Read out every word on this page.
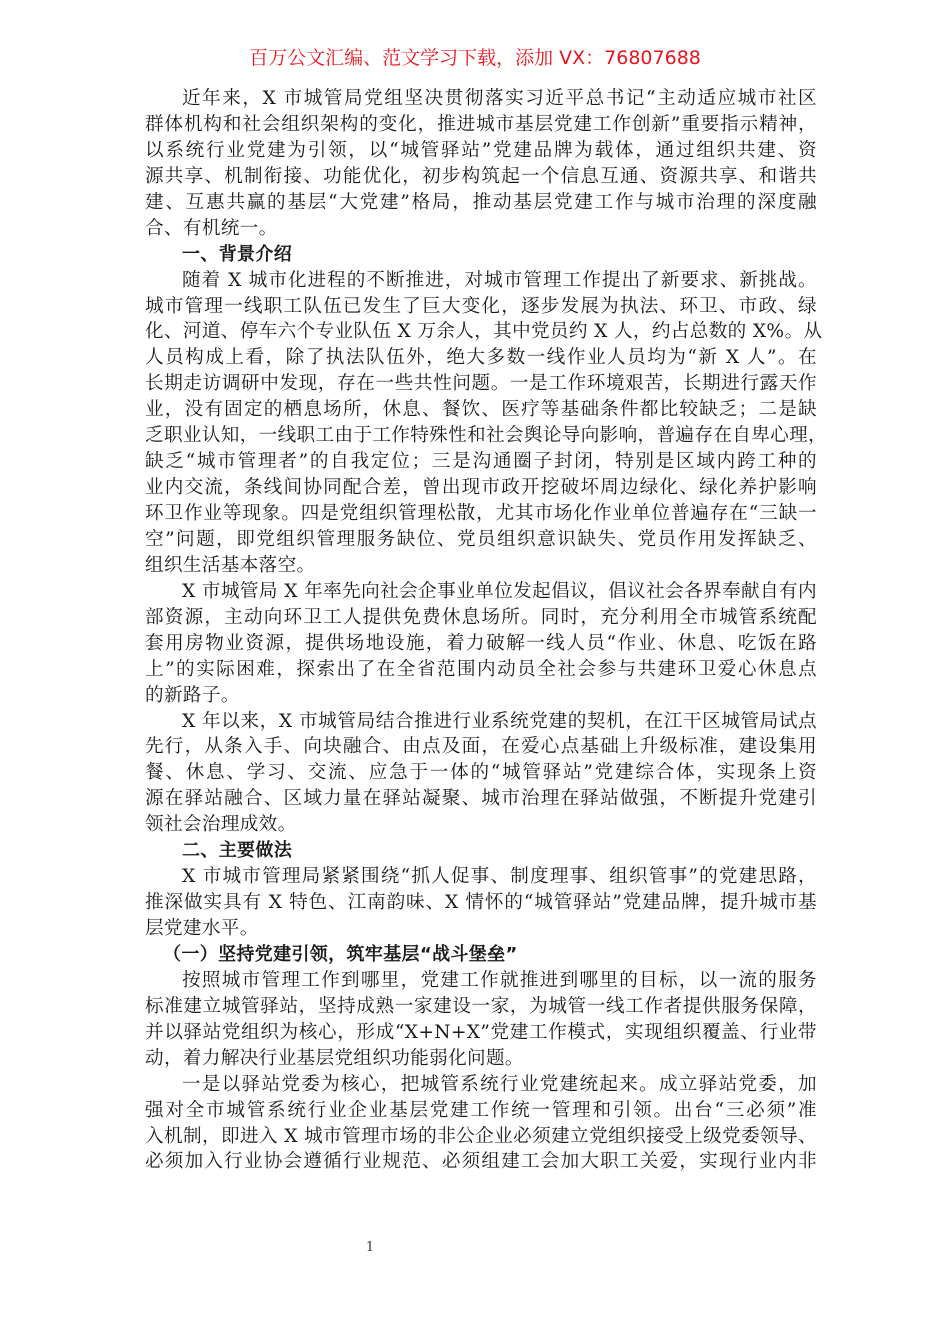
百万公文汇编、范文学习下载，添加 VX：76807688
近年来，X 市城管局党组坚决贯彻落实习近平总书记“主动适应城市社区
群体机构和社会组织架构的变化，推进城市基层党建工作创新”重要指示精神，
以系统行业党建为引领，以“城管驿站”党建品牌为载体，通过组织共建、资
源共享、机制衔接、功能优化，初步构筑起一个信息互通、资源共享、和谐共
建、互惠共赢的基层“大党建”格局，推动基层党建工作与城市治理的深度融
合、有机统一。
一、背景介绍
随着 X 城市化进程的不断推进，对城市管理工作提出了新要求、新挑战。
城市管理一线职工队伍已发生了巨大变化，逐步发展为执法、环卫、市政、绿
化、河道、停车六个专业队伍 X 万余人，其中党员约 X 人，约占总数的 X%。从
人员构成上看，除了执法队伍外，绝大多数一线作业人员均为“新 X 人”。在
长期走访调研中发现，存在一些共性问题。一是工作环境艰苦，长期进行露天作
业，没有固定的栖息场所，休息、餐饮、医疗等基础条件都比较缺乏；二是缺
乏职业认知，一线职工由于工作特殊性和社会舆论导向影响，普遍存在自卑心理，
缺乏“城市管理者”的自我定位；三是沟通圈子封闭，特别是区域内跨工种的
业内交流，条线间协同配合差，曾出现市政开挖破坏周边绿化、绿化养护影响
环卫作业等现象。四是党组织管理松散，尤其市场化作业单位普遍存在“三缺一
空”问题，即党组织管理服务缺位、党员组织意识缺失、党员作用发挥缺乏、
组织生活基本落空。
X 市城管局 X 年率先向社会企事业单位发起倡议，倡议社会各界奉献自有内
部资源，主动向环卫工人提供免费休息场所。同时，充分利用全市城管系统配
套用房物业资源，提供场地设施，着力破解一线人员“作业、休息、吃饭在路
上”的实际困难，探索出了在全省范围内动员全社会参与共建环卫爱心休息点
的新路子。
X 年以来，X 市城管局结合推进行业系统党建的契机，在江干区城管局试点
先行，从条入手、向块融合、由点及面，在爱心点基础上升级标准，建设集用
餐、休息、学习、交流、应急于一体的“城管驿站”党建综合体，实现条上资
源在驿站融合、区域力量在驿站凝聚、城市治理在驿站做强，不断提升党建引
领社会治理成效。
二、主要做法
X 市城市管理局紧紧围绕“抓人促事、制度理事、组织管事”的党建思路，
推深做实具有 X 特色、江南韵味、X 情怀的“城管驿站”党建品牌，提升城市基
层党建水平。
（一）坚持党建引领，筑牢基层“战斗堡垒”
按照城市管理工作到哪里，党建工作就推进到哪里的目标，以一流的服务
标准建立城管驿站，坚持成熟一家建设一家，为城管一线工作者提供服务保障，
并以驿站党组织为核心，形成“X+N+X”党建工作模式，实现组织覆盖、行业带
动，着力解决行业基层党组织功能弱化问题。
一是以驿站党委为核心，把城管系统行业党建统起来。成立驿站党委，加
强对全市城管系统行业企业基层党建工作统一管理和引领。出台“三必须”准
入机制，即进入 X 城市管理市场的非公企业必须建立党组织接受上级党委领导、
必须加入行业协会遵循行业规范、必须组建工会加大职工关爱，实现行业内非
1
